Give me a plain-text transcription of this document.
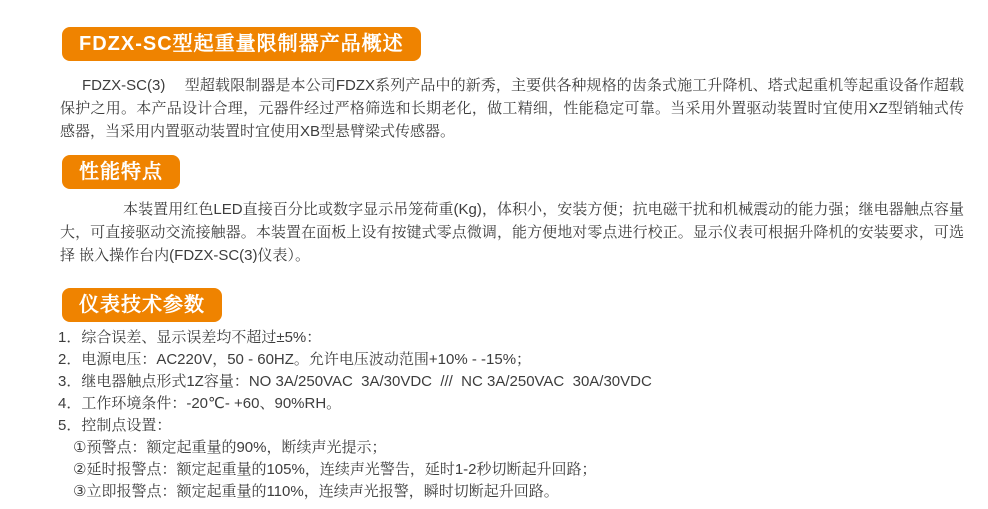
FDZX-SC型起重量限制器产品概述

FDZX-SC(3)　 型超载限制器是本公司FDZX系列产品中的新秀，主要供各种规格的齿条式施工升降机、塔式起重机等起重设备作超载保护之用。本产品设计合理，元器件经过严格筛选和长期老化，做工精细，性能稳定可靠。当采用外置驱动装置时宜使用XZ型销轴式传感器，当采用内置驱动装置时宜使用XB型悬臂梁式传感器。

性能特点

本装置用红色LED直接百分比或数字显示吊笼荷重(Kg)，体积小，安装方便；抗电磁干扰和机械震动的能力强；继电器触点容量大，可直接驱动交流接触器。本装置在面板上设有按键式零点微调，能方便地对零点进行校正。显示仪表可根据升降机的安装要求，可选择 嵌入操作台内(FDZX-SC(3)仪表）。

仪表技术参数
1．综合误差、显示误差均不超过±5%：
2．电源电压：AC220V，50 - 60HZ。允许电压波动范围+10% - -15%；
3．继电器触点形式1Z容量：NO 3A/250VAC  3A/30VDC  ///  NC 3A/250VAC  30A/30VDC
4．工作环境条件：-20℃- +60、90%RH。
5．控制点设置：
①预警点：额定起重量的90%，断续声光提示；
②延时报警点：额定起重量的105%，连续声光警告，延时1-2秒切断起升回路；
③立即报警点：额定起重量的110%，连续声光报警，瞬时切断起升回路。
